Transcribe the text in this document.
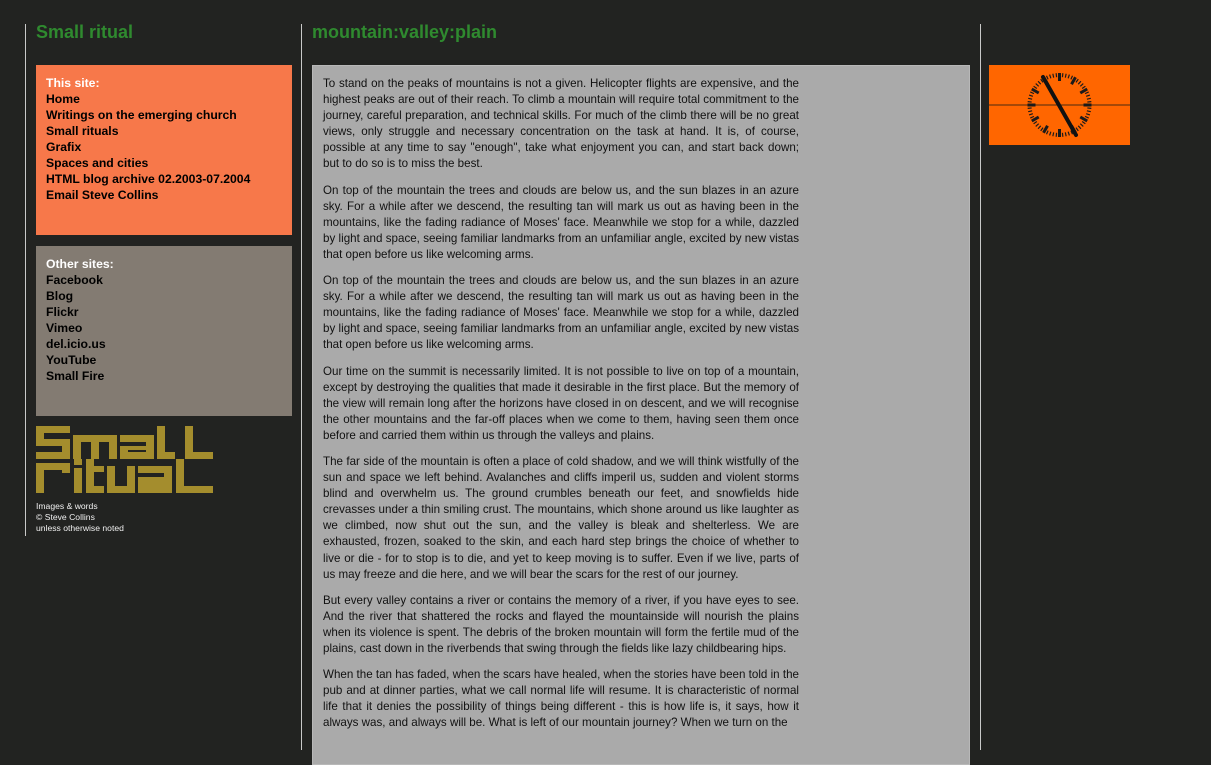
Small ritual	mountain:valley:plain
This site:
Home
Writings on the emerging church
Small rituals
Grafix
Spaces and cities
HTML blog archive 02.2003-07.2004
Email Steve Collins
Other sites:
Facebook
Blog
Flickr
Vimeo
del.icio.us
YouTube
Small Fire
Images & words
© Steve Collins
unless otherwise noted

To stand on the peaks of mountains is not a given. Helicopter flights are expensive, and the highest peaks are out of their reach. To climb a mountain will require total commitment to the journey, careful preparation, and technical skills. For much of the climb there will be no great views, only struggle and necessary concentration on the task at hand. It is, of course, possible at any time to say "enough", take what enjoyment you can, and start back down; but to do so is to miss the best.

On top of the mountain the trees and clouds are below us, and the sun blazes in an azure sky. For a while after we descend, the resulting tan will mark us out as having been in the mountains, like the fading radiance of Moses' face. Meanwhile we stop for a while, dazzled by light and space, seeing familiar landmarks from an unfamiliar angle, excited by new vistas that open before us like welcoming arms.

On top of the mountain the trees and clouds are below us, and the sun blazes in an azure sky. For a while after we descend, the resulting tan will mark us out as having been in the mountains, like the fading radiance of Moses' face. Meanwhile we stop for a while, dazzled by light and space, seeing familiar landmarks from an unfamiliar angle, excited by new vistas that open before us like welcoming arms.

Our time on the summit is necessarily limited. It is not possible to live on top of a mountain, except by destroying the qualities that made it desirable in the first place. But the memory of the view will remain long after the horizons have closed in on descent, and we will recognise the other mountains and the far-off places when we come to them, having seen them once before and carried them within us through the valleys and plains.

The far side of the mountain is often a place of cold shadow, and we will think wistfully of the sun and space we left behind. Avalanches and cliffs imperil us, sudden and violent storms blind and overwhelm us. The ground crumbles beneath our feet, and snowfields hide crevasses under a thin smiling crust. The mountains, which shone around us like laughter as we climbed, now shut out the sun, and the valley is bleak and shelterless. We are exhausted, frozen, soaked to the skin, and each hard step brings the choice of whether to live or die - for to stop is to die, and yet to keep moving is to suffer. Even if we live, parts of us may freeze and die here, and we will bear the scars for the rest of our journey.

But every valley contains a river or contains the memory of a river, if you have eyes to see. And the river that shattered the rocks and flayed the mountainside will nourish the plains when its violence is spent. The debris of the broken mountain will form the fertile mud of the plains, cast down in the riverbends that swing through the fields like lazy childbearing hips.

When the tan has faded, when the scars have healed, when the stories have been told in the pub and at dinner parties, what we call normal life will resume. It is characteristic of normal life that it denies the possibility of things being different - this is how life is, it says, how it always was, and always will be. What is left of our mountain journey? When we turn on the
